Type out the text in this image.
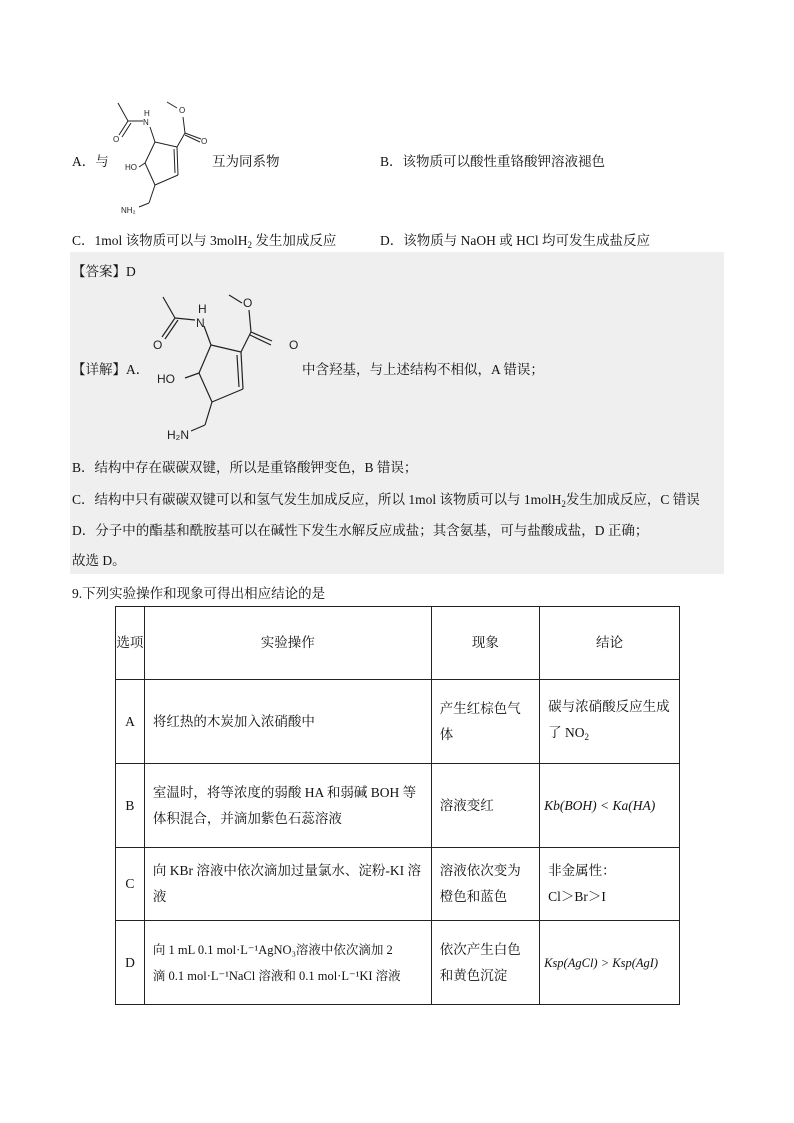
A．与
O
N
H
O
O
HO
NH₂
互为同系物	B．该物质可以酸性重铬酸钾溶液褪色
C．1mol 该物质可以与 3molH$_2$ 发生加成反应	D．该物质与 NaOH 或 HCl 均可发生成盐反应
【答案】D
【详解】A．
O
N
H
O
O
HO
H₂N
中含羟基，与上述结构不相似，A 错误；
B．结构中存在碳碳双键，所以是重铬酸钾变色，B 错误；
C．结构中只有碳碳双键可以和氢气发生加成反应，所以 1mol 该物质可以与 1molH$_2$发生加成反应，C 错误
D．分子中的酯基和酰胺基可以在碱性下发生水解反应成盐；其含氨基，可与盐酸成盐，D 正确；
故选 D。
9.下列实验操作和现象可得出相应结论的是
选项	实验操作	现象	结论
A	将红热的木炭加入浓硝酸中	产生红棕色气体	碳与浓硝酸反应生成了 $NO_2$
B	室温时，将等浓度的弱酸 HA 和弱碱 BOH 等体积混合，并滴加紫色石蕊溶液	溶液变红	Kb(BOH) < Ka(HA)
C	向 KBr 溶液中依次滴加过量氯水、淀粉-KI 溶液	溶液依次变为橙色和蓝色	非金属性：
Cl＞Br＞I

D	向 1 mL 0.1 mol·L⁻¹AgNO₃溶液中依次滴加 2
滴 0.1 mol·L⁻¹NaCl 溶液和 0.1 mol·L⁻¹KI 溶液	依次产生白色和黄色沉淀	Ksp(AgCl) > Ksp(AgI)
